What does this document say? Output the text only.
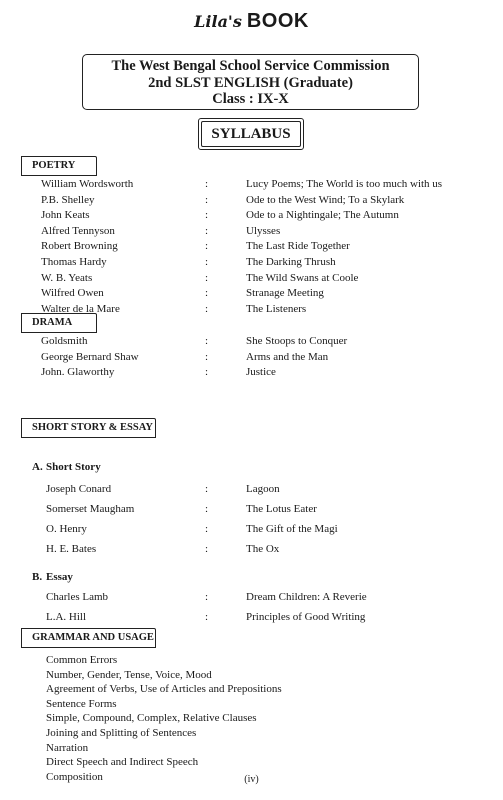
Lila's BOOK
The West Bengal School Service Commission
2nd SLST ENGLISH (Graduate)
Class : IX-X
SYLLABUS
POETRY
William Wordsworth	:	Lucy Poems; The World is too much with us
P.B. Shelley	:	Ode to the West Wind; To a Skylark
John Keats	:	Ode to a Nightingale; The Autumn
Alfred Tennyson	:	Ulysses
Robert Browning	:	The Last Ride Together
Thomas Hardy	:	The Darking Thrush
W. B. Yeats	:	The Wild Swans at Coole
Wilfred Owen	:	Stranage Meeting
Walter de la Mare	:	The Listeners
DRAMA
Goldsmith	:	She Stoops to Conquer
George Bernard Shaw	:	Arms and the Man
John. Glaworthy	:	Justice
SHORT STORY & ESSAY
A. Short Story
Joseph Conard	:	Lagoon
Somerset Maugham	:	The Lotus Eater
O. Henry	:	The Gift of the Magi
H. E. Bates	:	The Ox
B. Essay
Charles Lamb	:	Dream Children: A Reverie
L.A. Hill	:	Principles of Good Writing
GRAMMAR AND USAGE
Common Errors
Number, Gender, Tense, Voice, Mood
Agreement of Verbs, Use of Articles and Prepositions
Sentence Forms
Simple, Compound, Complex, Relative Clauses
Joining and Splitting of Sentences
Narration
Direct Speech and Indirect Speech
Composition	(iv)
